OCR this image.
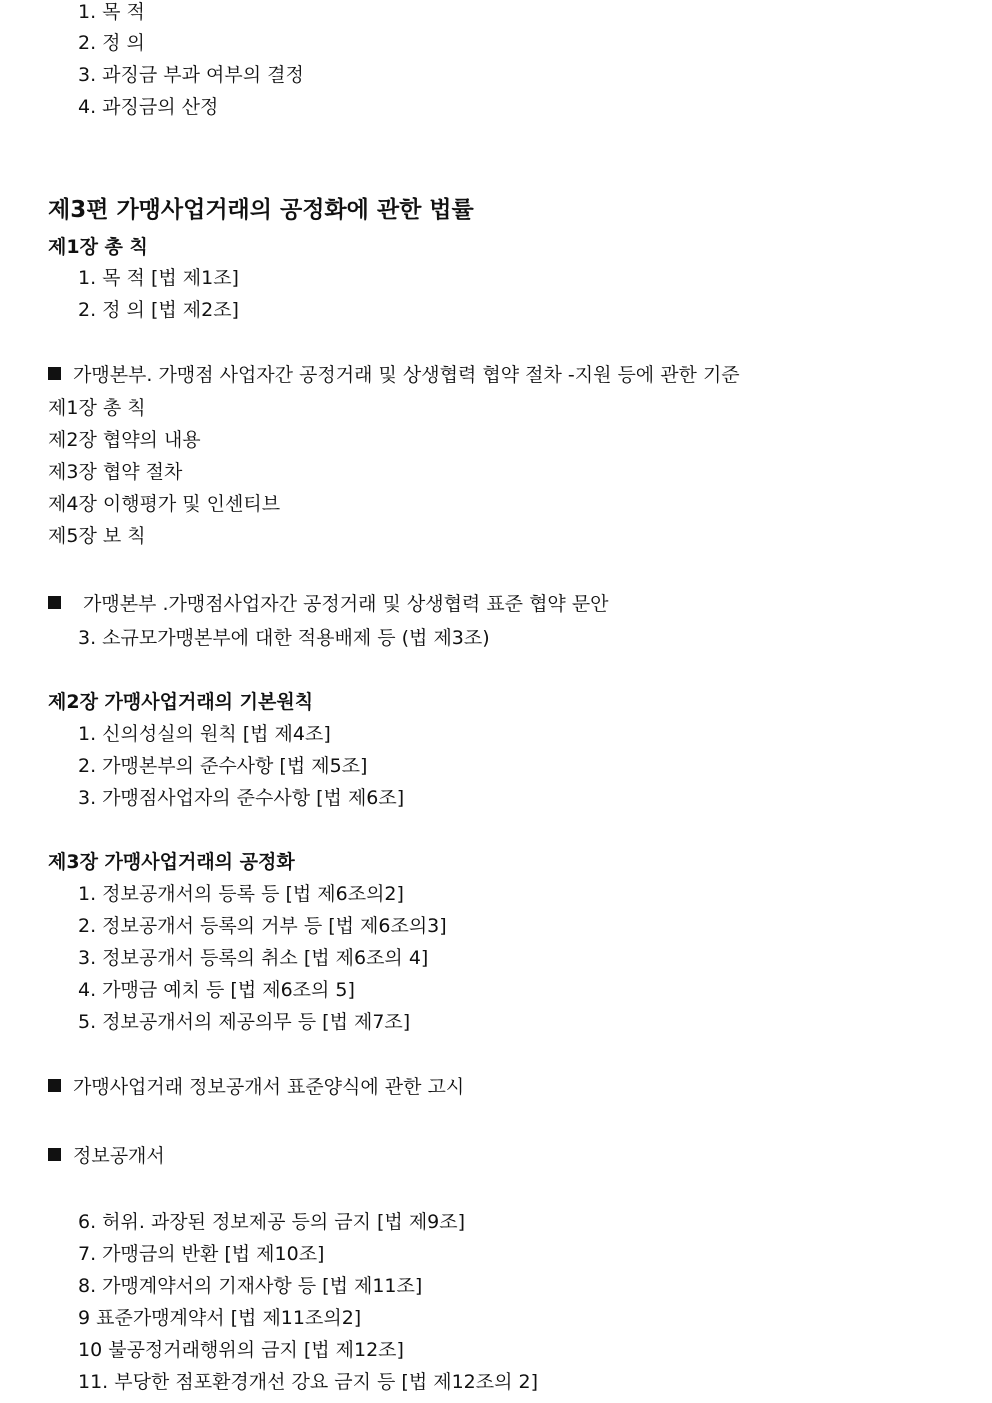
1. 목 적
2. 정 의
3. 과징금 부과 여부의 결정
4. 과징금의 산정
제3편 가맹사업거래의 공정화에 관한 법률
제1장 총 칙
1. 목 적 [법 제1조]
2. 정 의 [법 제2조]
가맹본부. 가맹점 사업자간 공정거래 및 상생협력 협약 절차 -지원 등에 관한 기준
제1장 총 칙
제2장 협약의 내용
제3장 협약 절차
제4장 이행평가 및 인센티브
제5장 보 칙
가맹본부 .가맹점사업자간 공정거래 및 상생협력 표준 협약 문안
3. 소규모가맹본부에 대한 적용배제 등 (법 제3조)
제2장 가맹사업거래의 기본원칙
1. 신의성실의 원칙 [법 제4조]
2. 가맹본부의 준수사항 [법 제5조]
3. 가맹점사업자의 준수사항 [법 제6조]
제3장 가맹사업거래의 공정화
1. 정보공개서의 등록 등 [법 제6조의2]
2. 정보공개서 등록의 거부 등 [법 제6조의3]
3. 정보공개서 등록의 취소 [법 제6조의 4]
4. 가맹금 예치 등 [법 제6조의 5]
5. 정보공개서의 제공의무 등 [법 제7조]
가맹사업거래 정보공개서 표준양식에 관한 고시
정보공개서
6. 허위. 과장된 정보제공 등의 금지 [법 제9조]
7. 가맹금의 반환 [법 제10조]
8. 가맹계약서의 기재사항 등 [법 제11조]
9 표준가맹계약서 [법 제11조의2]
10 불공정거래행위의 금지 [법 제12조]
11. 부당한 점포환경개선 강요 금지 등 [법 제12조의 2]
